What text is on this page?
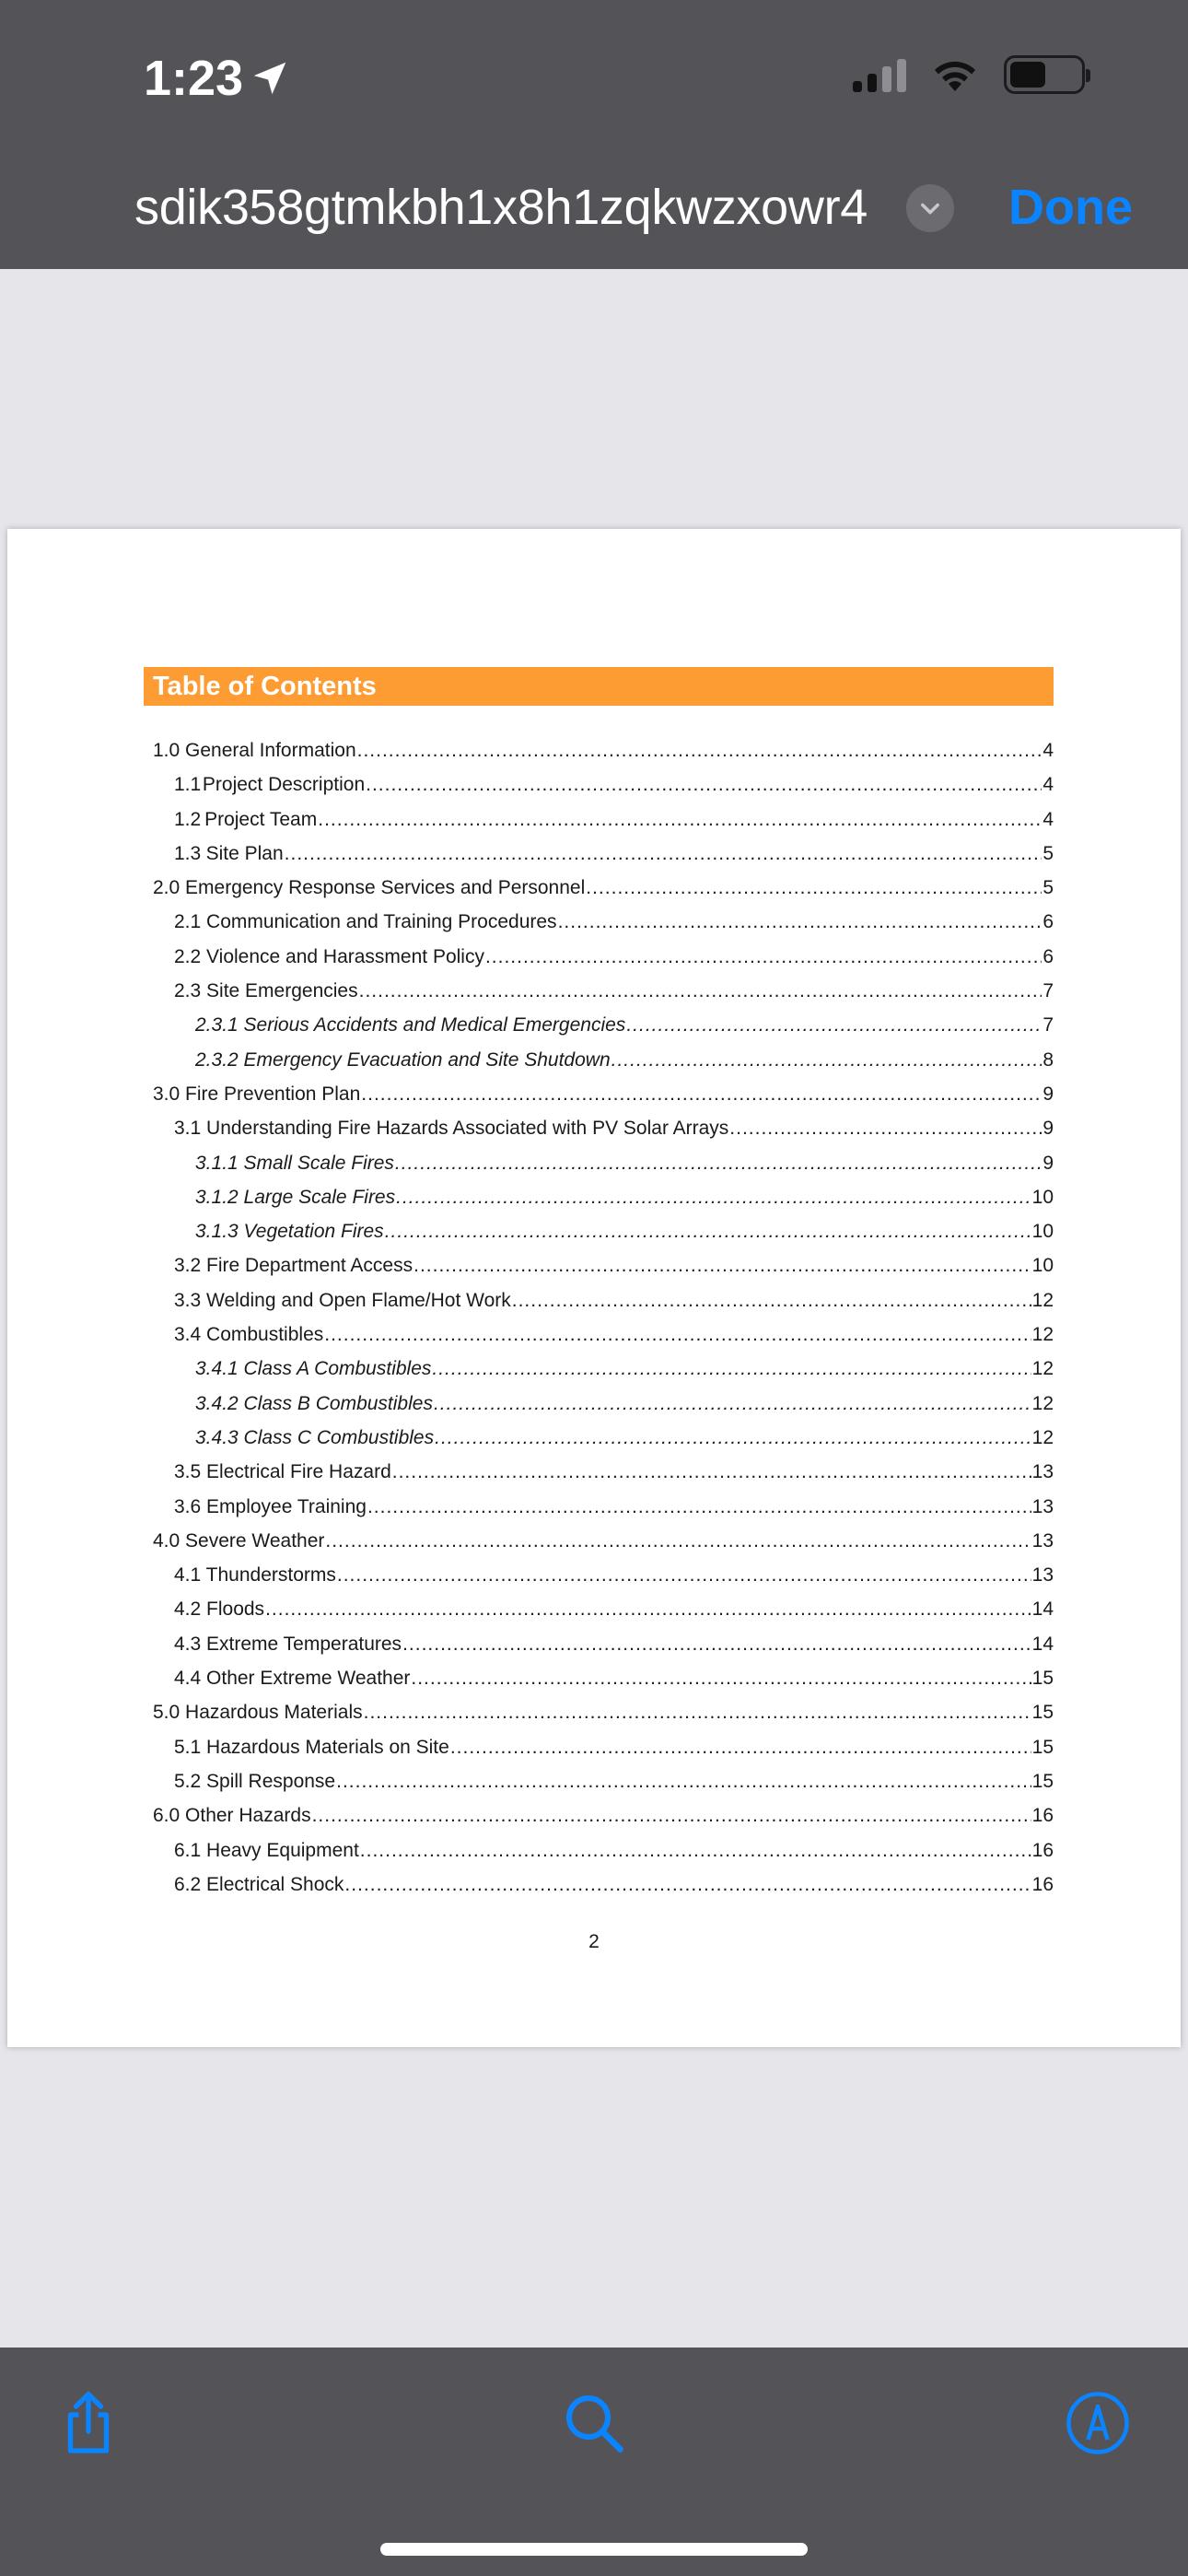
1:23
sdik358gtmkbh1x8h1zqkwzxowr4	Done
Table of Contents
1.0 General Information .....	4
1.1 Project Description .....	4
1.2 Project Team .....	4
1.3 Site Plan .....	5
2.0 Emergency Response Services and Personnel .....	5
2.1 Communication and Training Procedures .....	6
2.2 Violence and Harassment Policy .....	6
2.3 Site Emergencies .....	7
2.3.1 Serious Accidents and Medical Emergencies .....	7
2.3.2 Emergency Evacuation and Site Shutdown .....	8
3.0 Fire Prevention Plan .....	9
3.1 Understanding Fire Hazards Associated with PV Solar Arrays .....	9
3.1.1 Small Scale Fires .....	9
3.1.2 Large Scale Fires .....	10
3.1.3 Vegetation Fires .....	10
3.2 Fire Department Access .....	10
3.3 Welding and Open Flame/Hot Work .....	12
3.4 Combustibles .....	12
3.4.1 Class A Combustibles .....	12
3.4.2 Class B Combustibles .....	12
3.4.3 Class C Combustibles .....	12
3.5 Electrical Fire Hazard .....	13
3.6 Employee Training .....	13
4.0 Severe Weather .....	13
4.1 Thunderstorms .....	13
4.2 Floods .....	14
4.3 Extreme Temperatures .....	14
4.4 Other Extreme Weather .....	15
5.0 Hazardous Materials .....	15
5.1 Hazardous Materials on Site .....	15
5.2 Spill Response .....	15
6.0 Other Hazards .....	16
6.1 Heavy Equipment .....	16
6.2 Electrical Shock .....	16
2
